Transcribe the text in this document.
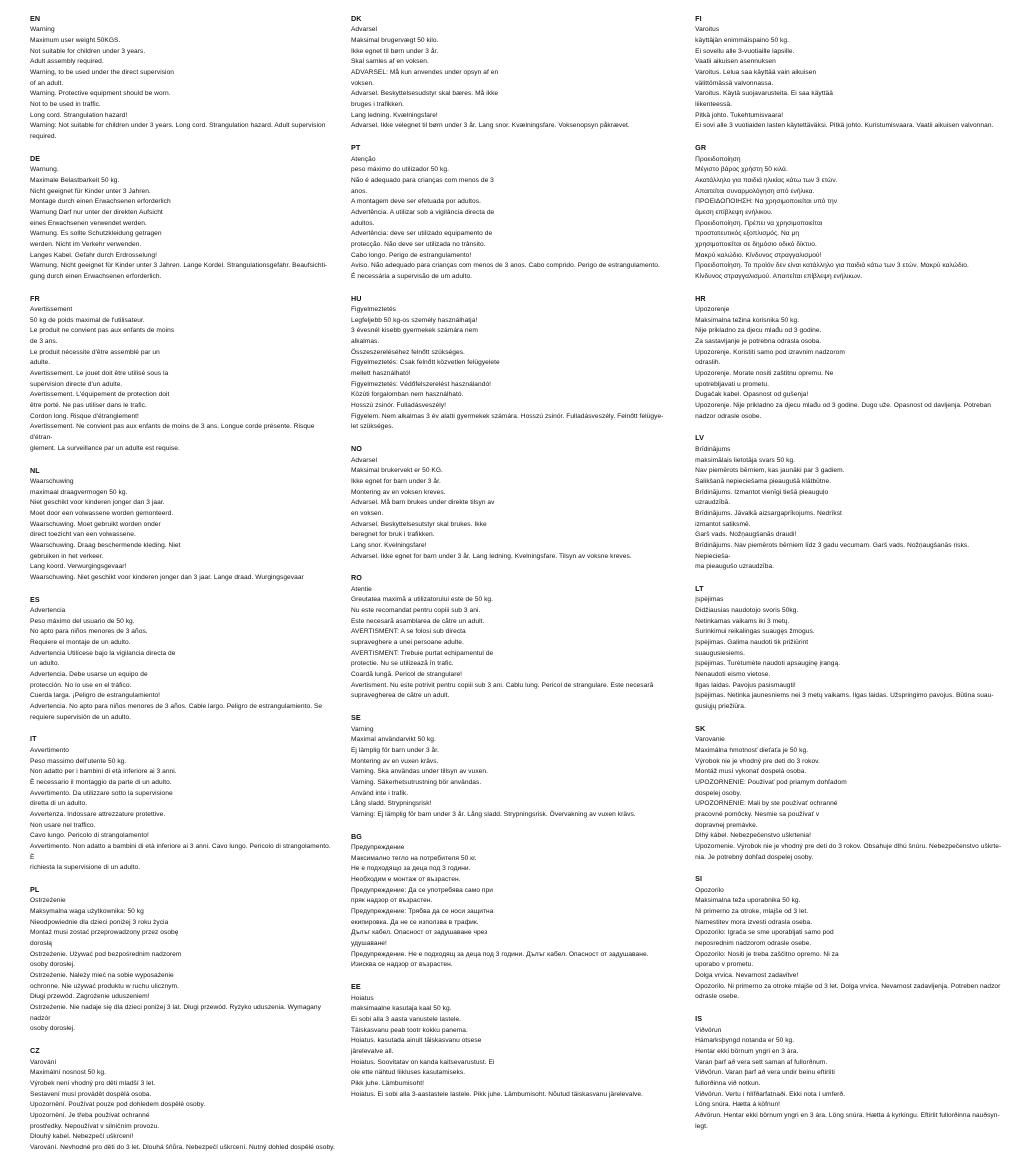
EN
Warning
Maximum user weight 50KGS.
Not suitable for children under 3 years.
Adult assembly required.
Warning, to be used under the direct supervision
of an adult.
Warning. Protective equipment should be worn.
Not to be used in traffic.
Long cord. Strangulation hazard!
Warning: Not suitable for children under 3 years. Long cord. Strangulation hazard. Adult supervision
required.
DE
Warnung.
Maximale Belastbarkeit 50 kg.
Nicht geeignet für Kinder unter 3 Jahren.
Montage durch einen Erwachsenen erforderlich
Warnung Darf nur unter der direkten Aufsicht
eines Erwachsenen verwendet werden.
Warnung. Es sollte Schutzkleidung getragen
werden. Nicht im Verkehr verwenden.
Langes Kabel. Gefahr durch Erdrosselung!
Warnung. Nicht geeignet für Kinder unter 3 Jahren. Lange Kordel. Strangulationsgefahr. Beaufsichti-
gung durch einen Erwachsenen erforderlich.
FR
Avertissement
50 kg de poids maximal de l'utilisateur.
Le produit ne convient pas aux enfants de moins
de 3 ans.
Le produit nécessite d'être assemblé par un
adulte.
Avertissement. Le jouet doit être utilisé sous la
supervision directe d'un adulte.
Avertissement. L'équipement de protection doit
être porté. Ne pas utiliser dans le trafic.
Cordon long. Risque d'étranglement!
Avertissement. Ne convient pas aux enfants de moins de 3 ans. Longue corde présente. Risque d'étran-
glement. La surveillance par un adulte est requise.
NL
Waarschuwing
maximaal draagvermogen 50 kg.
Niet geschikt voor kinderen jonger dan 3 jaar.
Moet door een volwassene worden gemonteerd.
Waarschuwing. Moet gebruikt worden onder
direct toezicht van een volwassene.
Waarschuwing. Draag beschermende kleding. Niet
gebruiken in het verkeer.
Lang koord. Verwurgingsgevaar!
Waarschuwing. Niet geschikt voor kinderen jonger dan 3 jaar. Lange draad. Wurgingsgevaar
ES
Advertencia
Peso máximo del usuario de 50 kg.
No apto para niños menores de 3 años.
Requiere el montaje de un adulto.
Advertencia Utilícese bajo la vigilancia directa de
un adulto.
Advertencia. Debe usarse un equipo de
protección. No lo use en el tráfico.
Cuerda larga. ¡Peligro de estrangulamiento!
Advertencia. No apto para niños menores de 3 años. Cable largo. Peligro de estrangulamiento. Se
requiere supervisión de un adulto.
IT
Avvertimento
Peso massimo dell'utente 50 kg.
Non adatto per i bambini di età inferiore ai 3 anni.
È necessario il montaggio da parte di un adulto.
Avvertimento. Da utilizzare sotto la supervisione
diretta di un adulto.
Avvertenza. Indossare attrezzature protettive.
Non usare nel traffico.
Cavo lungo. Pericolo di strangolamento!
Avvertimento. Non adatto a bambini di età inferiore ai 3 anni. Cavo lungo. Pericolo di strangolamento. È
richiesta la supervisione di un adulto.
PL
Ostrzeżenie
Maksymalna waga użytkownika: 50 kg
Nieodpowiednie dla dzieci poniżej 3 roku życia
Montaż musi zostać przeprowadzony przez osobę
dorosłą
Ostrzeżenie. Używać pod bezpośrednim nadzorem
osoby dorosłej.
Ostrzeżenie. Należy mieć na sobie wyposażenie
ochronne. Nie używać produktu w ruchu ulicznym.
Długi przewód. Zagrożenie uduszeniem!
Ostrzeżenie. Nie nadaje się dla dzieci poniżej 3 lat. Długi przewód. Ryzyko uduszenia. Wymagany nadzór
osoby dorosłej.
CZ
Varování
Maximální nosnost 50 kg.
Výrobek není vhodný pro děti mladší 3 let.
Sestavení musí provádět dospělá osoba.
Upozornění. Používat pouze pod dohledem dospělé osoby.
Upozornění. Je třeba používat ochranné
prostředky. Nepoužívat v silničním provozu.
Dlouhý kabel. Nebezpečí uškrcení!
Varování. Nevhodné pro děti do 3 let. Dlouhá šňůra. Nebezpečí uškrcení. Nutný dohled dospělé osoby.
DK
Advarsel
Maksimal brugervægt 50 kilo.
Ikke egnet til børn under 3 år.
Skal samles af en voksen.
ADVARSEL: Må kun anvendes under opsyn af en
voksen.
Advarsel. Beskyttelsesudstyr skal bæres. Må ikke
bruges i trafikken.
Lang ledning. Kvælningsfare!
Advarsel. Ikke velegnet til børn under 3 år. Lang snor. Kvælningsfare. Voksenopsyn påkrævet.
PT
Atenção
peso máximo do utilizador 50 kg.
Não é adequado para crianças com menos de 3
anos.
A montagem deve ser efetuada por adultos.
Advertência. A utilizar sob a vigilância directa de
adultos.
Advertência: deve ser utilizado equipamento de
protecção. Não deve ser utilizada no trânsito.
Cabo longo. Perigo de estrangulamento!
Aviso. Não adequado para crianças com menos de 3 anos. Cabo comprido. Perigo de estrangulamento.
É necessária a supervisão de um adulto.
HU
Figyelmeztetés
Legfeljebb 50 kg-os személy használhatja!
3 évesnél kisebb gyermekek számára nem
alkalmas.
Összeszereléséhez felnőtt szükséges.
Figyelmeztetés: Csak felnőtt közvetlen felügyelete
mellett használható!
Figyelmeztetés: Védőfelszerelést használandó!
Közúti forgalomban nem használható.
Hosszú zsinór. Fulladásveszély!
Figyelem. Nem alkalmas 3 év alatti gyermekek számára. Hosszú zsinór. Fulladásveszély. Felnőtt felügye-
let szükséges.
NO
Advarsel
Maksimal brukervekt er 50 KG.
Ikke egnet for barn under 3 år.
Montering av en voksen kreves.
Advarsel. Må barn brukes under direkte tilsyn av
en voksen.
Advarsel. Beskyttelsesutstyr skal brukes. Ikke
beregnet for bruk i trafikken.
Lang snor. Kvelningsfare!
Advarsel. Ikke egnet for barn under 3 år. Lang ledning. Kvelningsfare. Tilsyn av voksne kreves.
RO
Atentie
Greutatea maximă a utilizatorului este de 50 kg.
Nu este recomandat pentru copiii sub 3 ani.
Este necesară asamblarea de către un adult.
AVERTISMENT: A se folosi sub directa
supraveghere a unei persoane adulte.
AVERTISMENT: Trebuie purtat echipamentul de
protectie. Nu se utilizează în trafic.
Coardă lungă. Pericol de strangulare!
Avertisment. Nu este potrivit pentru copiii sub 3 ani. Cablu lung. Pericol de strangulare. Este necesară
supravegherea de către un adult.
SE
Varning
Maximal användarvikt 50 kg.
Ej lämplig för barn under 3 år.
Montering av en vuxen krävs.
Varning. Ska användas under tillsyn av vuxen.
Varning. Säkerhetsutrustning bör användas.
Använd inte i trafik.
Lång sladd. Strypningsrisk!
Varning: Ej lämplig för barn under 3 år. Lång sladd. Strypningsrisk. Övervakning av vuxen krävs.
BG
Предупреждение
Максимално тегло на потребителя 50 кг.
Не е подходящо за деца под 3 години.
Необходим е монтаж от възрастен.
Предупреждение: Да се употребява само при
пряк надзор от възрастен.
Предупреждение: Трябва да се носи защитна
екипировка. Да не се използва в трафик.
Дълъг кабел. Опасност от задушаване чрез
удушаване!
Предупреждение. Не е подходящ за деца под 3 години. Дълъг кабел. Опасност от задушаване.
Изисква се надзор от възрастен.
EE
Hoiatus
maksimaalne kasutaja kaal 50 kg.
Ei sobi alla 3 aasta vanustele lastele.
Täiskasvanu peab tootr kokku panema.
Hoiatus. kasutada ainult täiskasvanu otsese
järelevalve all.
Hoiatus. Soovitatav on kanda kaitsevarustust. Ei
ole ette nähtud liikluses kasutamiseks.
Pikk juhe. Lämbumisoht!
Hoiatus. Ei sobi alla 3-aastastele lastele. Pikk juhe. Lämbumisoht. Nõutud täiskasvanu järelevalve.
FI
Varoitus
käyttäjän enimmäispaino 50 kg.
Ei sovellu alle 3-vuotiaille lapsille.
Vaatii aikuisen asennuksen
Varoitus. Leluа saa käyttää vain aikuisen
välittömässä valvonnassa.
Varoitus. Käytä suojavarusteita. Ei saa käyttää
liikenteessä.
Pitkä johto. Tukehtumisvaara!
Ei sovi alle 3 vuotiaiden lasten käytettäväksi. Pitkä johto. Kuristumisvaara. Vaatii aikuisen valvonnan.
GR
Προειδοποίηση
Μέγιστο βάρος χρήστη 50 κιλά.
Ακατάλληλο για παιδιά ηλικίας κάτω των 3 ετών.
Απαιτείται συναρμολόγηση από ενήλικα.
ΠΡΟΕΙΔΟΠΟΙΗΣΗ: Να χρησιμοποιείται υπό την
άμεση επίβλεψη ενήλικου.
Προειδοποίηση. Πρέπει να χρησιμοποιείται
προστατευτικός εξοπλισμός. Να μη
χρησιμοποιείται σε δημόσιο οδικό δίκτυο.
Μακρύ καλώδιο. Κίνδυνος στραγγαλισμού!
Προειδοποίηση. Το προϊόν δεν είναι κατάλληλο για παιδιά κάτω των 3 ετών. Μακρύ καλώδιο.
Κίνδυνος στραγγαλισμού. Απαιτείται επίβλεψη ενήλικων.
HR
Upozorenje
Maksimalna težina korisnika 50 kg.
Nije prikladno za djecu mlađu od 3 godine.
Za sastavljanje je potrebna odrasla osoba.
Upozorenje. Koristiti samo pod izravnim nadzorom
odraslih.
Upozorenje. Morate nositi zaštitnu opremu. Ne
upotrebljavati u prometu.
Dugačak kabel. Opasnost od gušenja!
Upozorenje. Nije prikladno za djecu mlađu od 3 godine. Dugo uže. Opasnost od davljenja. Potreban
nadzor odrasle osobe.
LV
Brīdinājums
maksimālais lietotāja svars 50 kg.
Nav piemērots bērniem, kas jaunāki par 3 gadiem.
Salikšanā nepieciešama pieaugušā klātbūtne.
Brīdinājums. Izmantot vienīgi tiešā pieauguļo
uzraudzībā.
Brīdinājums. Jāvalkā aizsargaprīkojums. Nedrīkst
izmantot satiksmē.
Garš vads. Nožņaugšanās draudi!
Brīdinājums. Nav piemērots bērniem līdz 3 gadu vecumam. Garš vads. Nožņaugšanās risks. Nepiecieša-
ma pieaugušo uzraudzība.
LT
Įspėjimas
Didžiausias naudotojo svoris 50kg.
Netinkamas vaikams iki 3 metų.
Surinkimui reikalingas suaugęs žmogus.
Įspėjimas. Galima naudoti tik prižiūrint
suaugusiesiems.
Įspėjimas. Turėtumėte naudoti apsauginę įrangą.
Nenaudoti eismo vietose.
Ilgas laidas. Pavojus pasismaugti!
Įspėjimas. Netinka jaunesniems nei 3 metų vaikams. Ilgas laidas. Užspringimo pavojus. Būtina suau-
gusiųjų priežiūra.
SK
Varovanie
Maximálna hmotnosť dieťaťa je 50 kg.
Výrobok nie je vhodný pre deti do 3 rokov.
Montáž musí vykonať dospelá osoba.
UPOZORNENIE: Používať pod priamym dohľadom
dospelej osoby.
UPOZORNENIE: Mali by ste používať ochranné
pracovné pomôcky. Nesmie sa používať v
dopravnej premávke.
Dlhý kábel. Nebezpečenstvo uškrtenia!
Upozornenie. Výrobok nie je vhodný pre deti do 3 rokov. Obsahuje dlhú šnúru. Nebezpečenstvo uškrte-
nia. Je potrebný dohľad dospelej osoby.
SI
Opozorilo
Maksimalna teža uporabnika 50 kg.
Ni primerno za otroke, mlajše od 3 let.
Namestitev mora izvesti odrasla oseba.
Opozorilo: Igrača se sme uporabljati samo pod
neposrednim nadzorom odrasle osebe.
Opozorilo: Nositi je treba zaščitno opremo. Ni za
uporabo v prometu.
Dolga vrvica. Nevarnost zadavitve!
Opozorilo. Ni primerno za otroke mlajše od 3 let. Dolga vrvica. Nevarnost zadavljenja. Potreben nadzor
odrasle osebe.
IS
Viðvörun
Hámarksþyngd notanda er 50 kg.
Hentar ekki börnum yngri en 3 ára.
Varan þarf að vera sett saman af fullorðnum.
Viðvörun. Varan þarf að vera undir beinu eftirliti
fullorðinna við notkun.
Viðvörun. Vertu í hlífðarfatnaði. Ekki nota í umferð.
Löng snúra. Hætta á köfnun!
Aðvörun. Hentar ekki börnum yngri en 3 ára. Löng snúra. Hætta á kyrkingu. Eftirlit fullorðinna nauðsyn-
legt.
